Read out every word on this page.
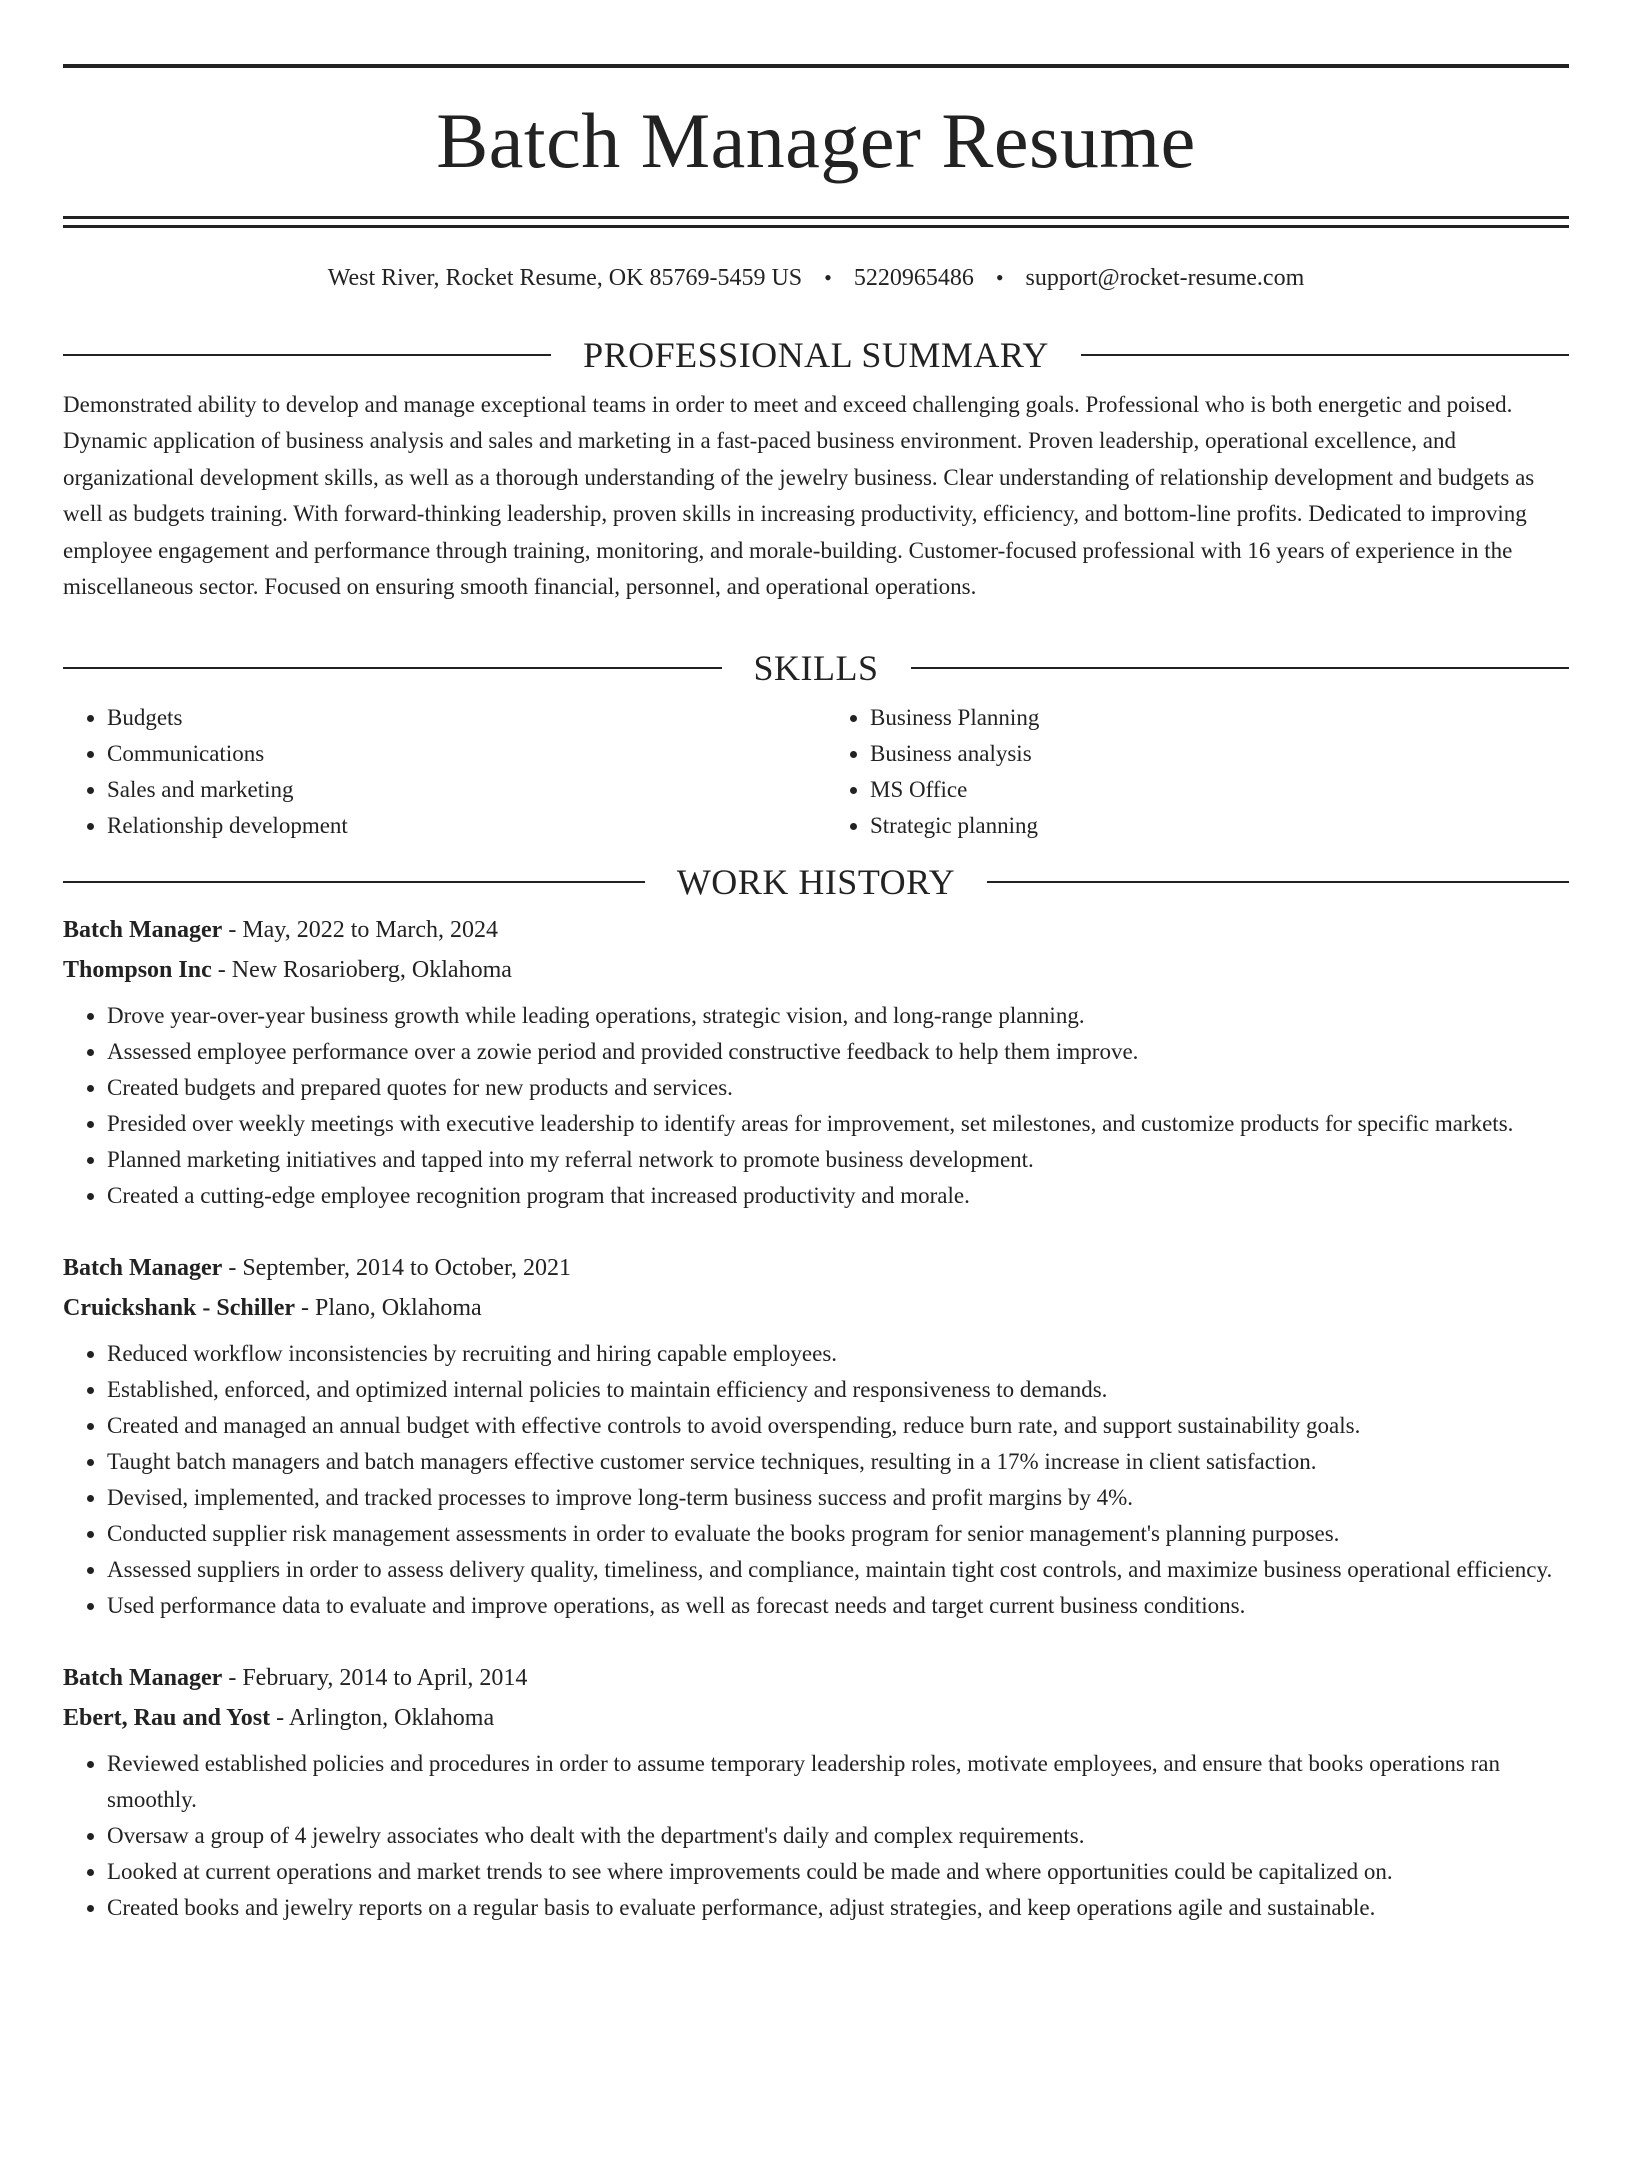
Batch Manager Resume
West River, Rocket Resume, OK 85769-5459 US • 5220965486 • support@rocket-resume.com
PROFESSIONAL SUMMARY

Demonstrated ability to develop and manage exceptional teams in order to meet and exceed challenging goals. Professional who is both energetic and poised. Dynamic application of business analysis and sales and marketing in a fast-paced business environment. Proven leadership, operational excellence, and organizational development skills, as well as a thorough understanding of the jewelry business. Clear understanding of relationship development and budgets as well as budgets training. With forward-thinking leadership, proven skills in increasing productivity, efficiency, and bottom-line profits. Dedicated to improving employee engagement and performance through training, monitoring, and morale-building. Customer-focused professional with 16 years of experience in the miscellaneous sector. Focused on ensuring smooth financial, personnel, and operational operations.

SKILLS
• Budgets
• Communications
• Sales and marketing
• Relationship development
• Business Planning
• Business analysis
• MS Office
• Strategic planning
WORK HISTORY
Batch Manager - May, 2022 to March, 2024
Thompson Inc - New Rosarioberg, Oklahoma
• Drove year-over-year business growth while leading operations, strategic vision, and long-range planning.
• Assessed employee performance over a zowie period and provided constructive feedback to help them improve.
• Created budgets and prepared quotes for new products and services.
• Presided over weekly meetings with executive leadership to identify areas for improvement, set milestones, and customize products for specific markets.
• Planned marketing initiatives and tapped into my referral network to promote business development.
• Created a cutting-edge employee recognition program that increased productivity and morale.
Batch Manager - September, 2014 to October, 2021
Cruickshank - Schiller - Plano, Oklahoma
• Reduced workflow inconsistencies by recruiting and hiring capable employees.
• Established, enforced, and optimized internal policies to maintain efficiency and responsiveness to demands.
• Created and managed an annual budget with effective controls to avoid overspending, reduce burn rate, and support sustainability goals.
• Taught batch managers and batch managers effective customer service techniques, resulting in a 17% increase in client satisfaction.
• Devised, implemented, and tracked processes to improve long-term business success and profit margins by 4%.
• Conducted supplier risk management assessments in order to evaluate the books program for senior management's planning purposes.
• Assessed suppliers in order to assess delivery quality, timeliness, and compliance, maintain tight cost controls, and maximize business operational efficiency.
• Used performance data to evaluate and improve operations, as well as forecast needs and target current business conditions.
Batch Manager - February, 2014 to April, 2014
Ebert, Rau and Yost - Arlington, Oklahoma
• Reviewed established policies and procedures in order to assume temporary leadership roles, motivate employees, and ensure that books operations ran smoothly.
• Oversaw a group of 4 jewelry associates who dealt with the department's daily and complex requirements.
• Looked at current operations and market trends to see where improvements could be made and where opportunities could be capitalized on.
• Created books and jewelry reports on a regular basis to evaluate performance, adjust strategies, and keep operations agile and sustainable.
